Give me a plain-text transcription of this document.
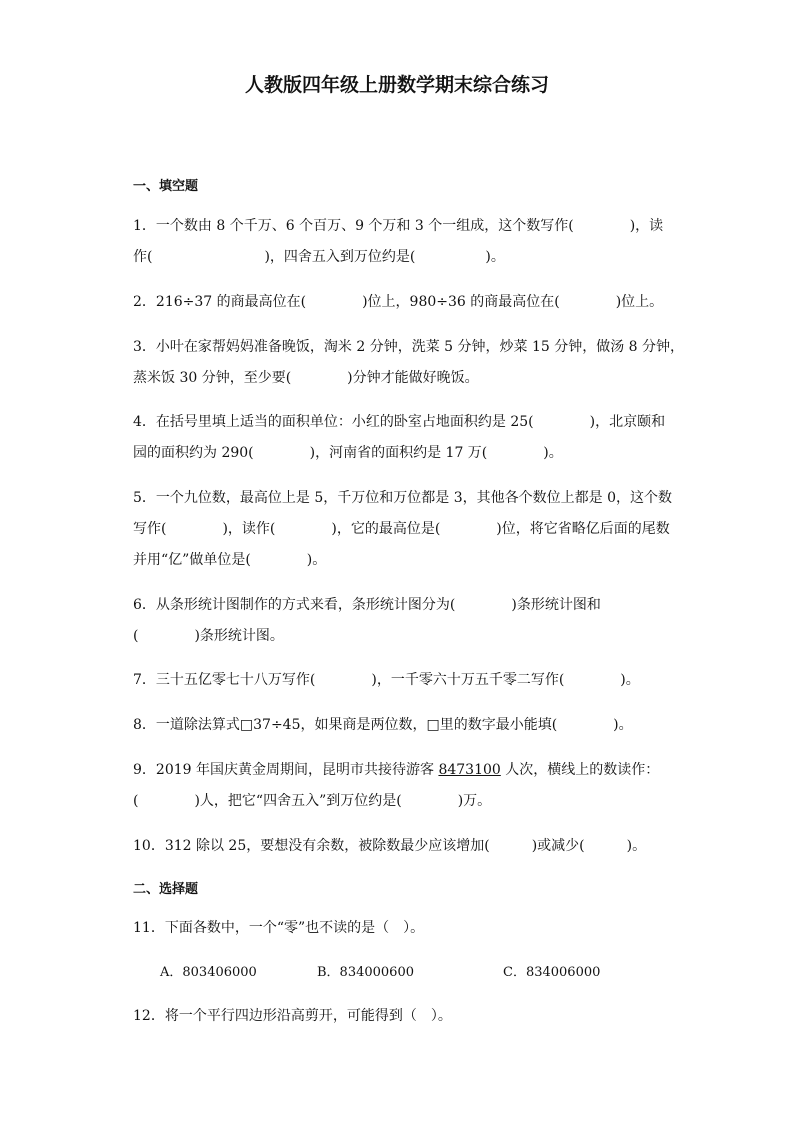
人教版四年级上册数学期末综合练习
一、填空题
1．一个数由 8 个千万、6 个百万、9 个万和 3 个一组成，这个数写作(　　　　)，读
作(　　　　　　　　)，四舍五入到万位约是(　　　　　)。
2．216÷37 的商最高位在(　　　　)位上，980÷36 的商最高位在(　　　　)位上。
3．小叶在家帮妈妈准备晚饭，淘米 2 分钟，洗菜 5 分钟，炒菜 15 分钟，做汤 8 分钟，
蒸米饭 30 分钟，至少要(　　　　)分钟才能做好晚饭。
4．在括号里填上适当的面积单位：小红的卧室占地面积约是 25(　　　　)，北京颐和
园的面积约为 290(　　　　)，河南省的面积约是 17 万(　　　　)。
5．一个九位数，最高位上是 5，千万位和万位都是 3，其他各个数位上都是 0，这个数
写作(　　　　)，读作(　　　　)，它的最高位是(　　　　)位，将它省略亿后面的尾数
并用“亿”做单位是(　　　　)。
6．从条形统计图制作的方式来看，条形统计图分为(　　　　)条形统计图和
(　　　　)条形统计图。
7．三十五亿零七十八万写作(　　　　)，一千零六十万五千零二写作(　　　　)。
8．一道除法算式□37÷45，如果商是两位数，□里的数字最小能填(　　　　)。
9．2019 年国庆黄金周期间，昆明市共接待游客 8473100 人次，横线上的数读作：
(　　　　)人，把它“四舍五入”到万位约是(　　　　)万。
10．312 除以 25，要想没有余数，被除数最少应该增加(　　　)或减少(　　　)。
二、选择题
11．下面各数中，一个“零”也不读的是（　）。
A．803406000	B．834000600	C．834006000
12．将一个平行四边形沿高剪开，可能得到（　）。
